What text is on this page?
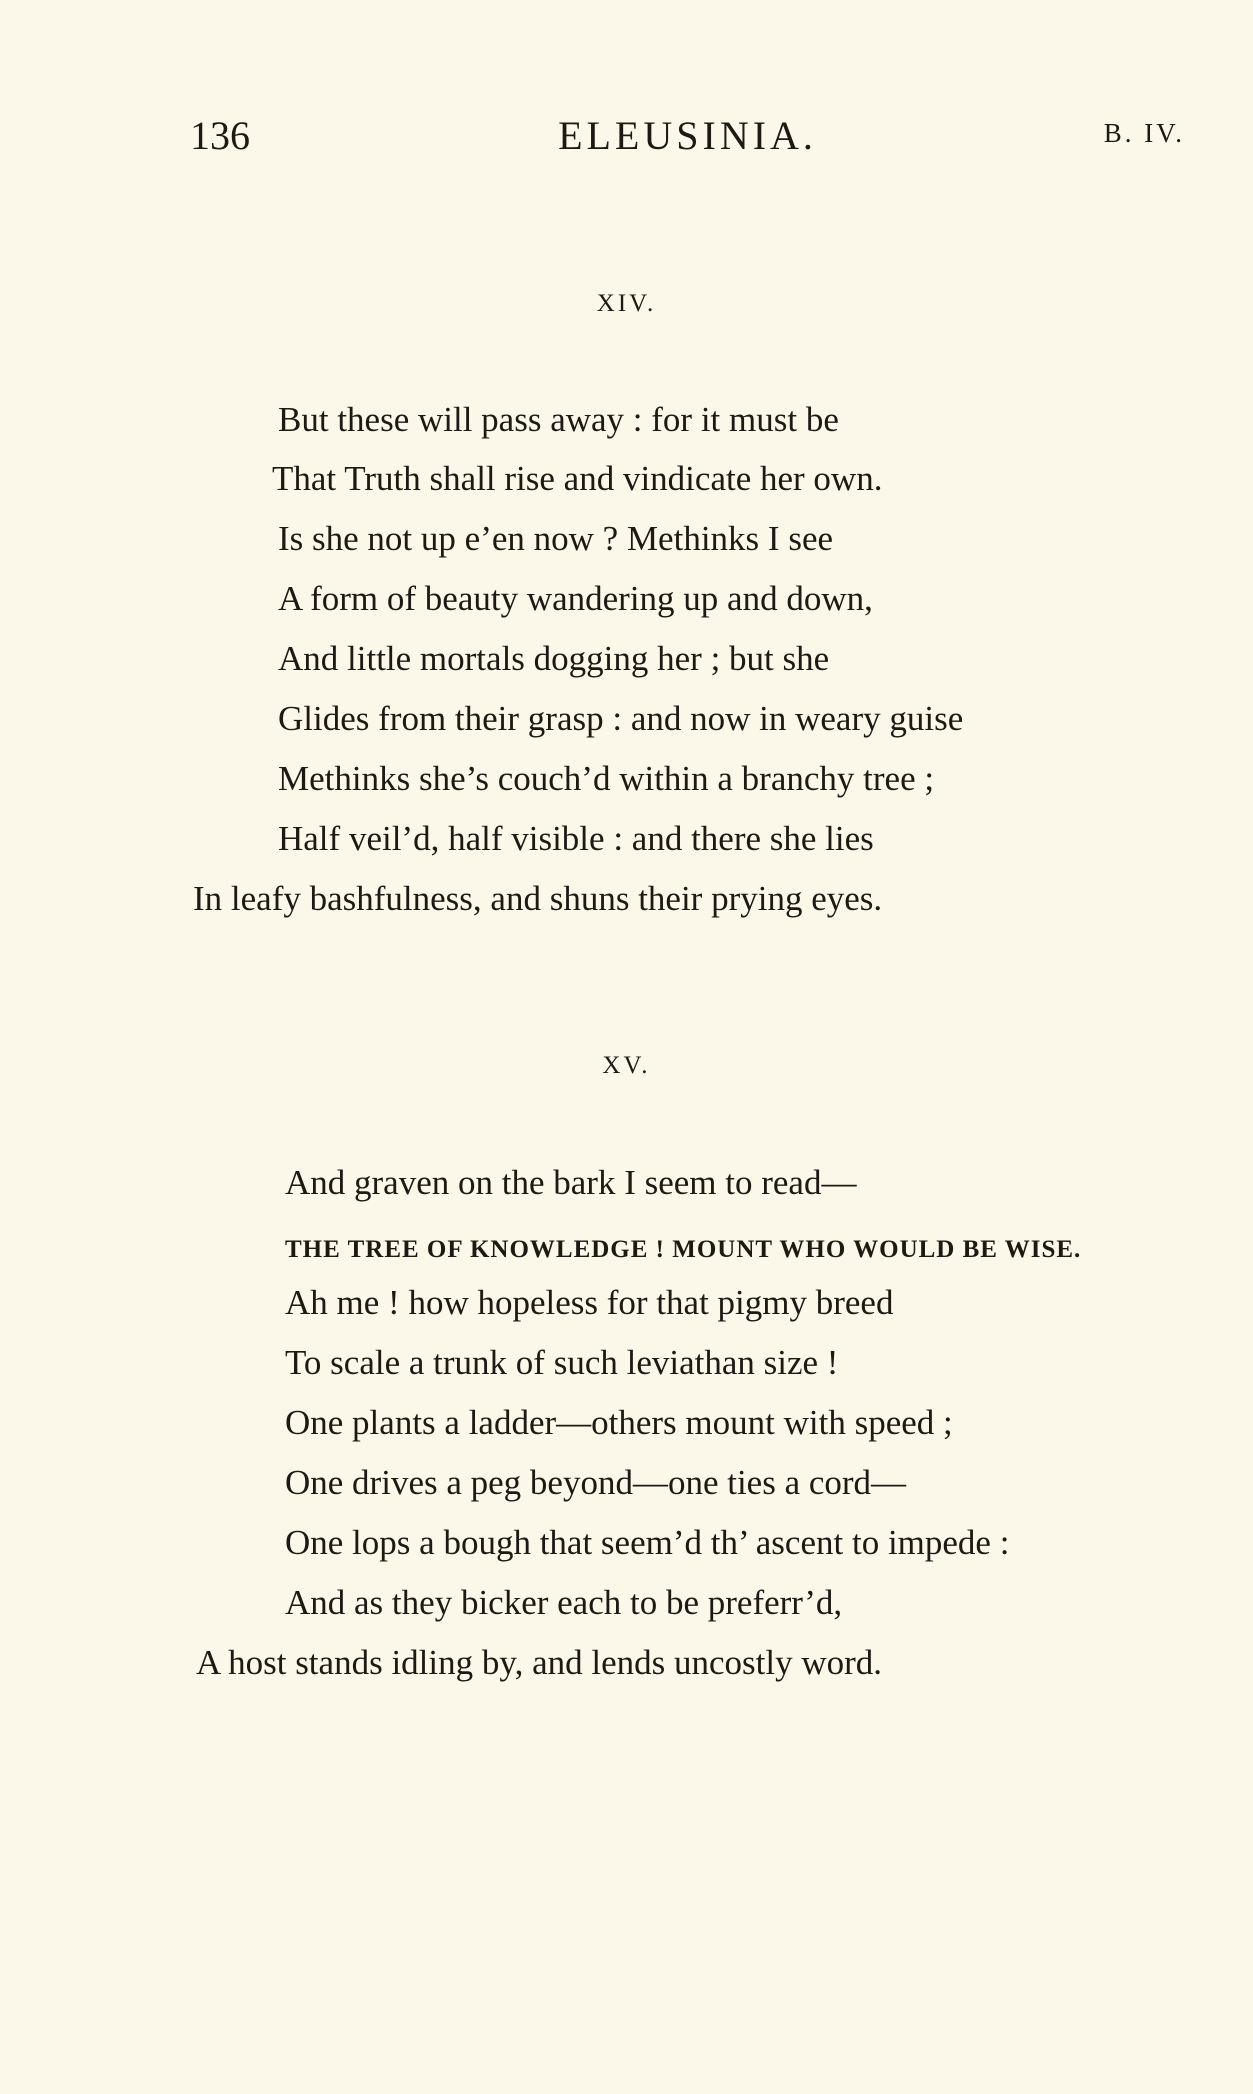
136	ELEUSINIA.	B. IV.
XIV.
But these will pass away : for it must be
That Truth shall rise and vindicate her own.
Is she not up e’en now ? Methinks I see
A form of beauty wandering up and down,
And little mortals dogging her ; but she
Glides from their grasp : and now in weary guise
Methinks she’s couch’d within a branchy tree ;
Half veil’d, half visible : and there she lies
In leafy bashfulness, and shuns their prying eyes.
XV.
And graven on the bark I seem to read—
THE TREE OF KNOWLEDGE ! MOUNT WHO WOULD BE WISE.
Ah me ! how hopeless for that pigmy breed
To scale a trunk of such leviathan size !
One plants a ladder—others mount with speed ;
One drives a peg beyond—one ties a cord—
One lops a bough that seem’d th’ ascent to impede :
And as they bicker each to be preferr’d,
A host stands idling by, and lends uncostly word.
